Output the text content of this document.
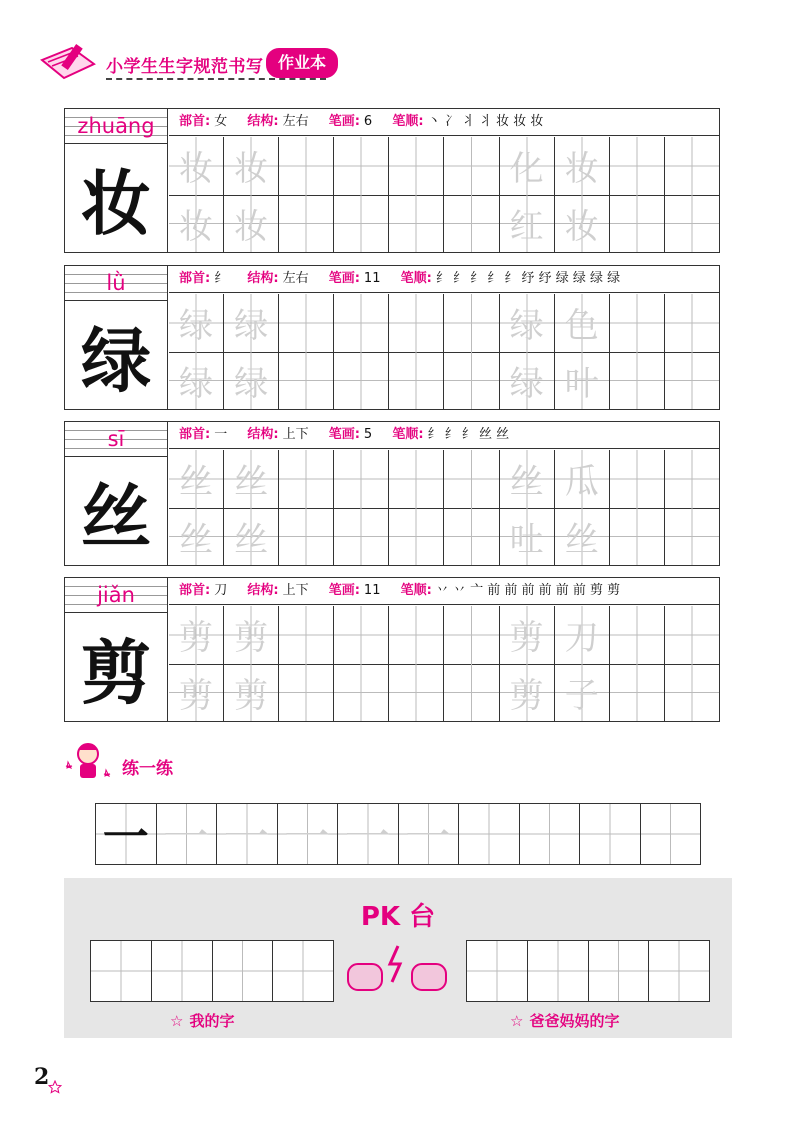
小学生生字规范书写 作业本
zhuāng
妆
部首: 女 结构: 左右 笔画: 6 笔顺: 丶 冫 丬 丬 妆 妆 妆
妆 妆	化 妆
妆 妆	红 妆
lǜ
绿
部首: 纟 结构: 左右 笔画: 11 笔顺: 纟 纟 纟 纟 纟 纾 纾 绿 绿 绿 绿
绿 绿	绿 色
绿 绿	绿 叶
sī
丝
部首: 一 结构: 上下 笔画: 5 笔顺: 纟 纟 纟 丝 丝
丝 丝	丝 瓜
丝 丝	吐 丝
jiǎn
剪
部首: 刀 结构: 上下 笔画: 11 笔顺: 丷 丷 亠 前 前 前 前 前 前 剪 剪
剪 剪	剪 刀
剪 剪	剪 子
练一练
一 一 一 一 一 一
PK 台
☆ 我的字	☆ 爸爸妈妈的字
2
